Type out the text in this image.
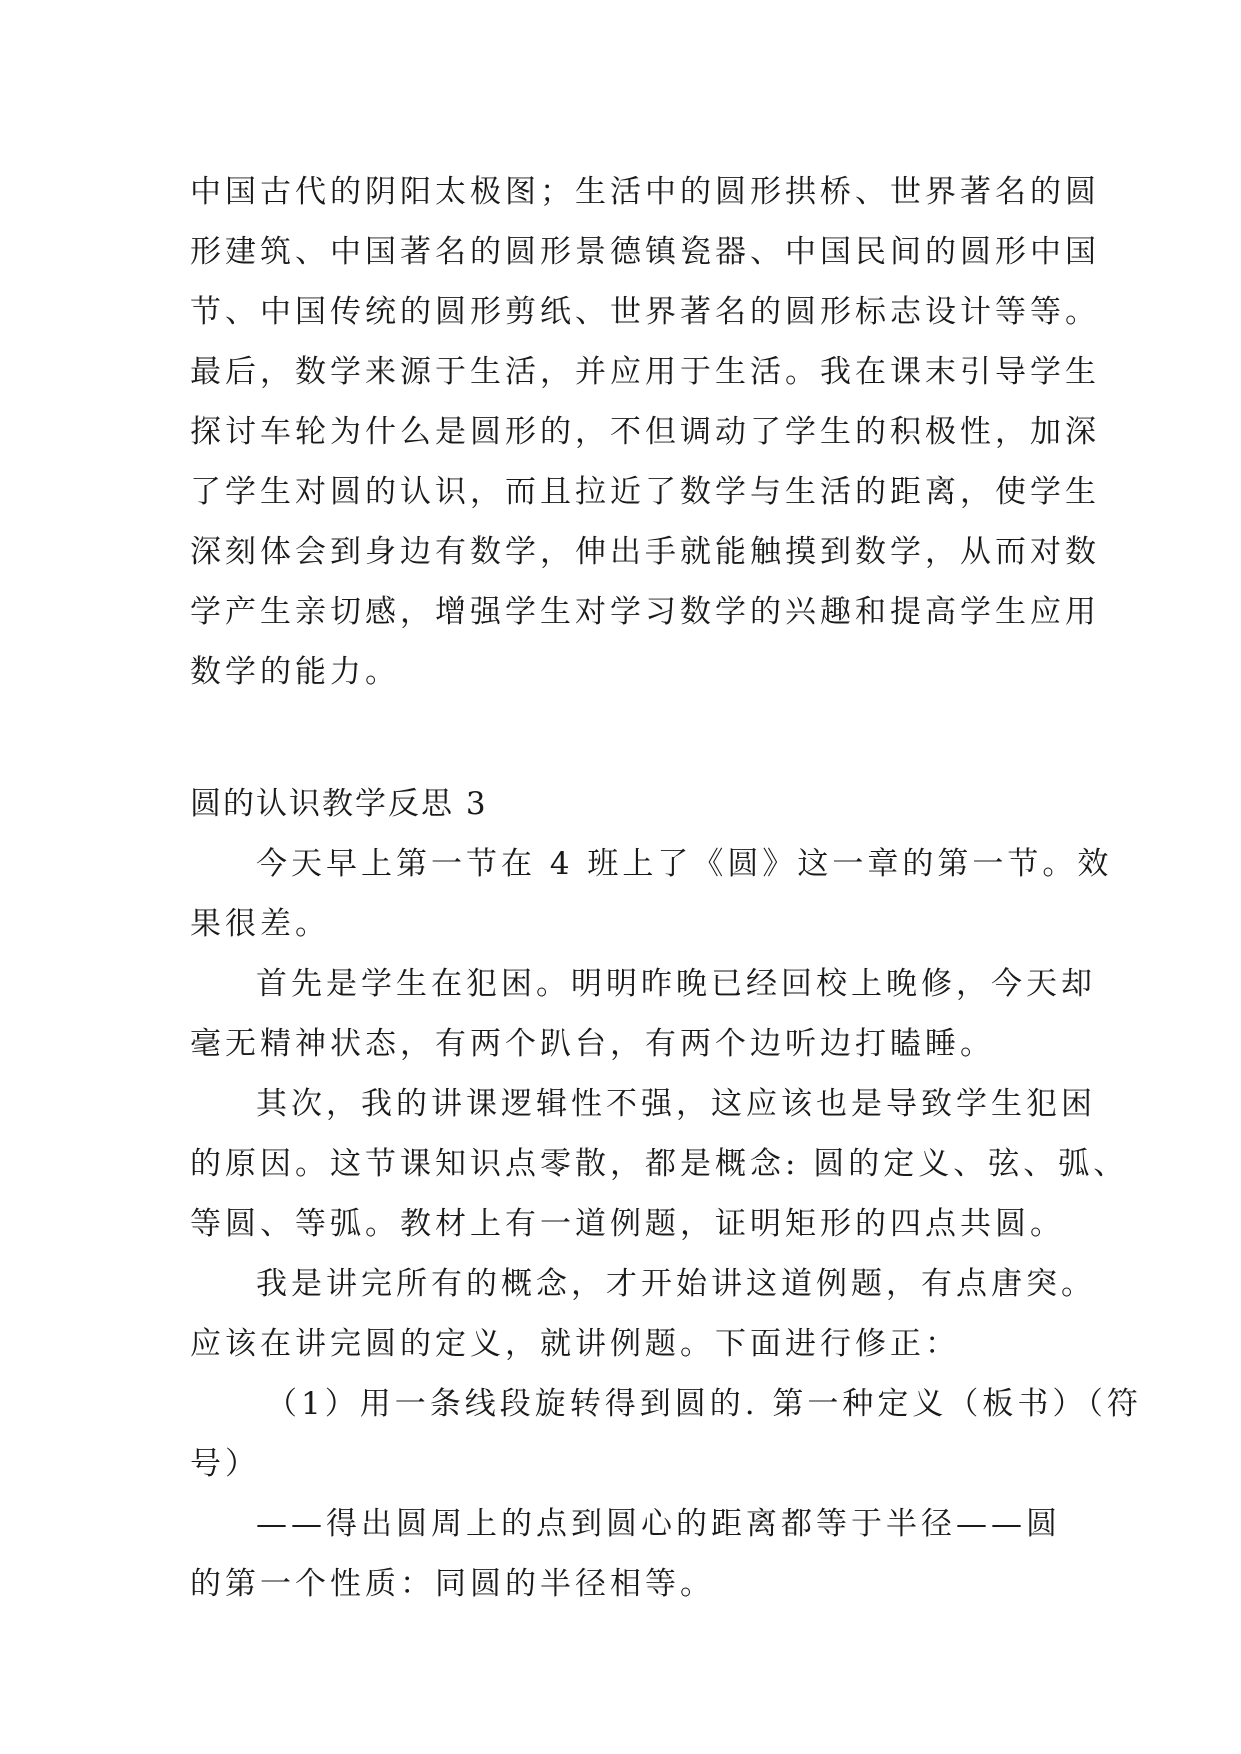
中国古代的阴阳太极图；生活中的圆形拱桥、世界著名的圆
形建筑、中国著名的圆形景德镇瓷器、中国民间的圆形中国
节、中国传统的圆形剪纸、世界著名的圆形标志设计等等。
最后，数学来源于生活，并应用于生活。我在课末引导学生
探讨车轮为什么是圆形的，不但调动了学生的积极性，加深
了学生对圆的认识，而且拉近了数学与生活的距离，使学生
深刻体会到身边有数学，伸出手就能触摸到数学，从而对数
学产生亲切感，增强学生对学习数学的兴趣和提高学生应用
数学的能力。
圆的认识教学反思 3
今天早上第一节在 4 班上了《圆》这一章的第一节。效
果很差。
首先是学生在犯困。明明昨晚已经回校上晚修，今天却
毫无精神状态，有两个趴台，有两个边听边打瞌睡。
其次，我的讲课逻辑性不强，这应该也是导致学生犯困
的原因。这节课知识点零散，都是概念: 圆的定义、弦、弧、
等圆、等弧。教材上有一道例题，证明矩形的四点共圆。
我是讲完所有的概念，才开始讲这道例题，有点唐突。
应该在讲完圆的定义，就讲例题。下面进行修正：
（1）用一条线段旋转得到圆的. 第一种定义（板书）（符
号）
——得出圆周上的点到圆心的距离都等于半径——圆
的第一个性质：同圆的半径相等。
